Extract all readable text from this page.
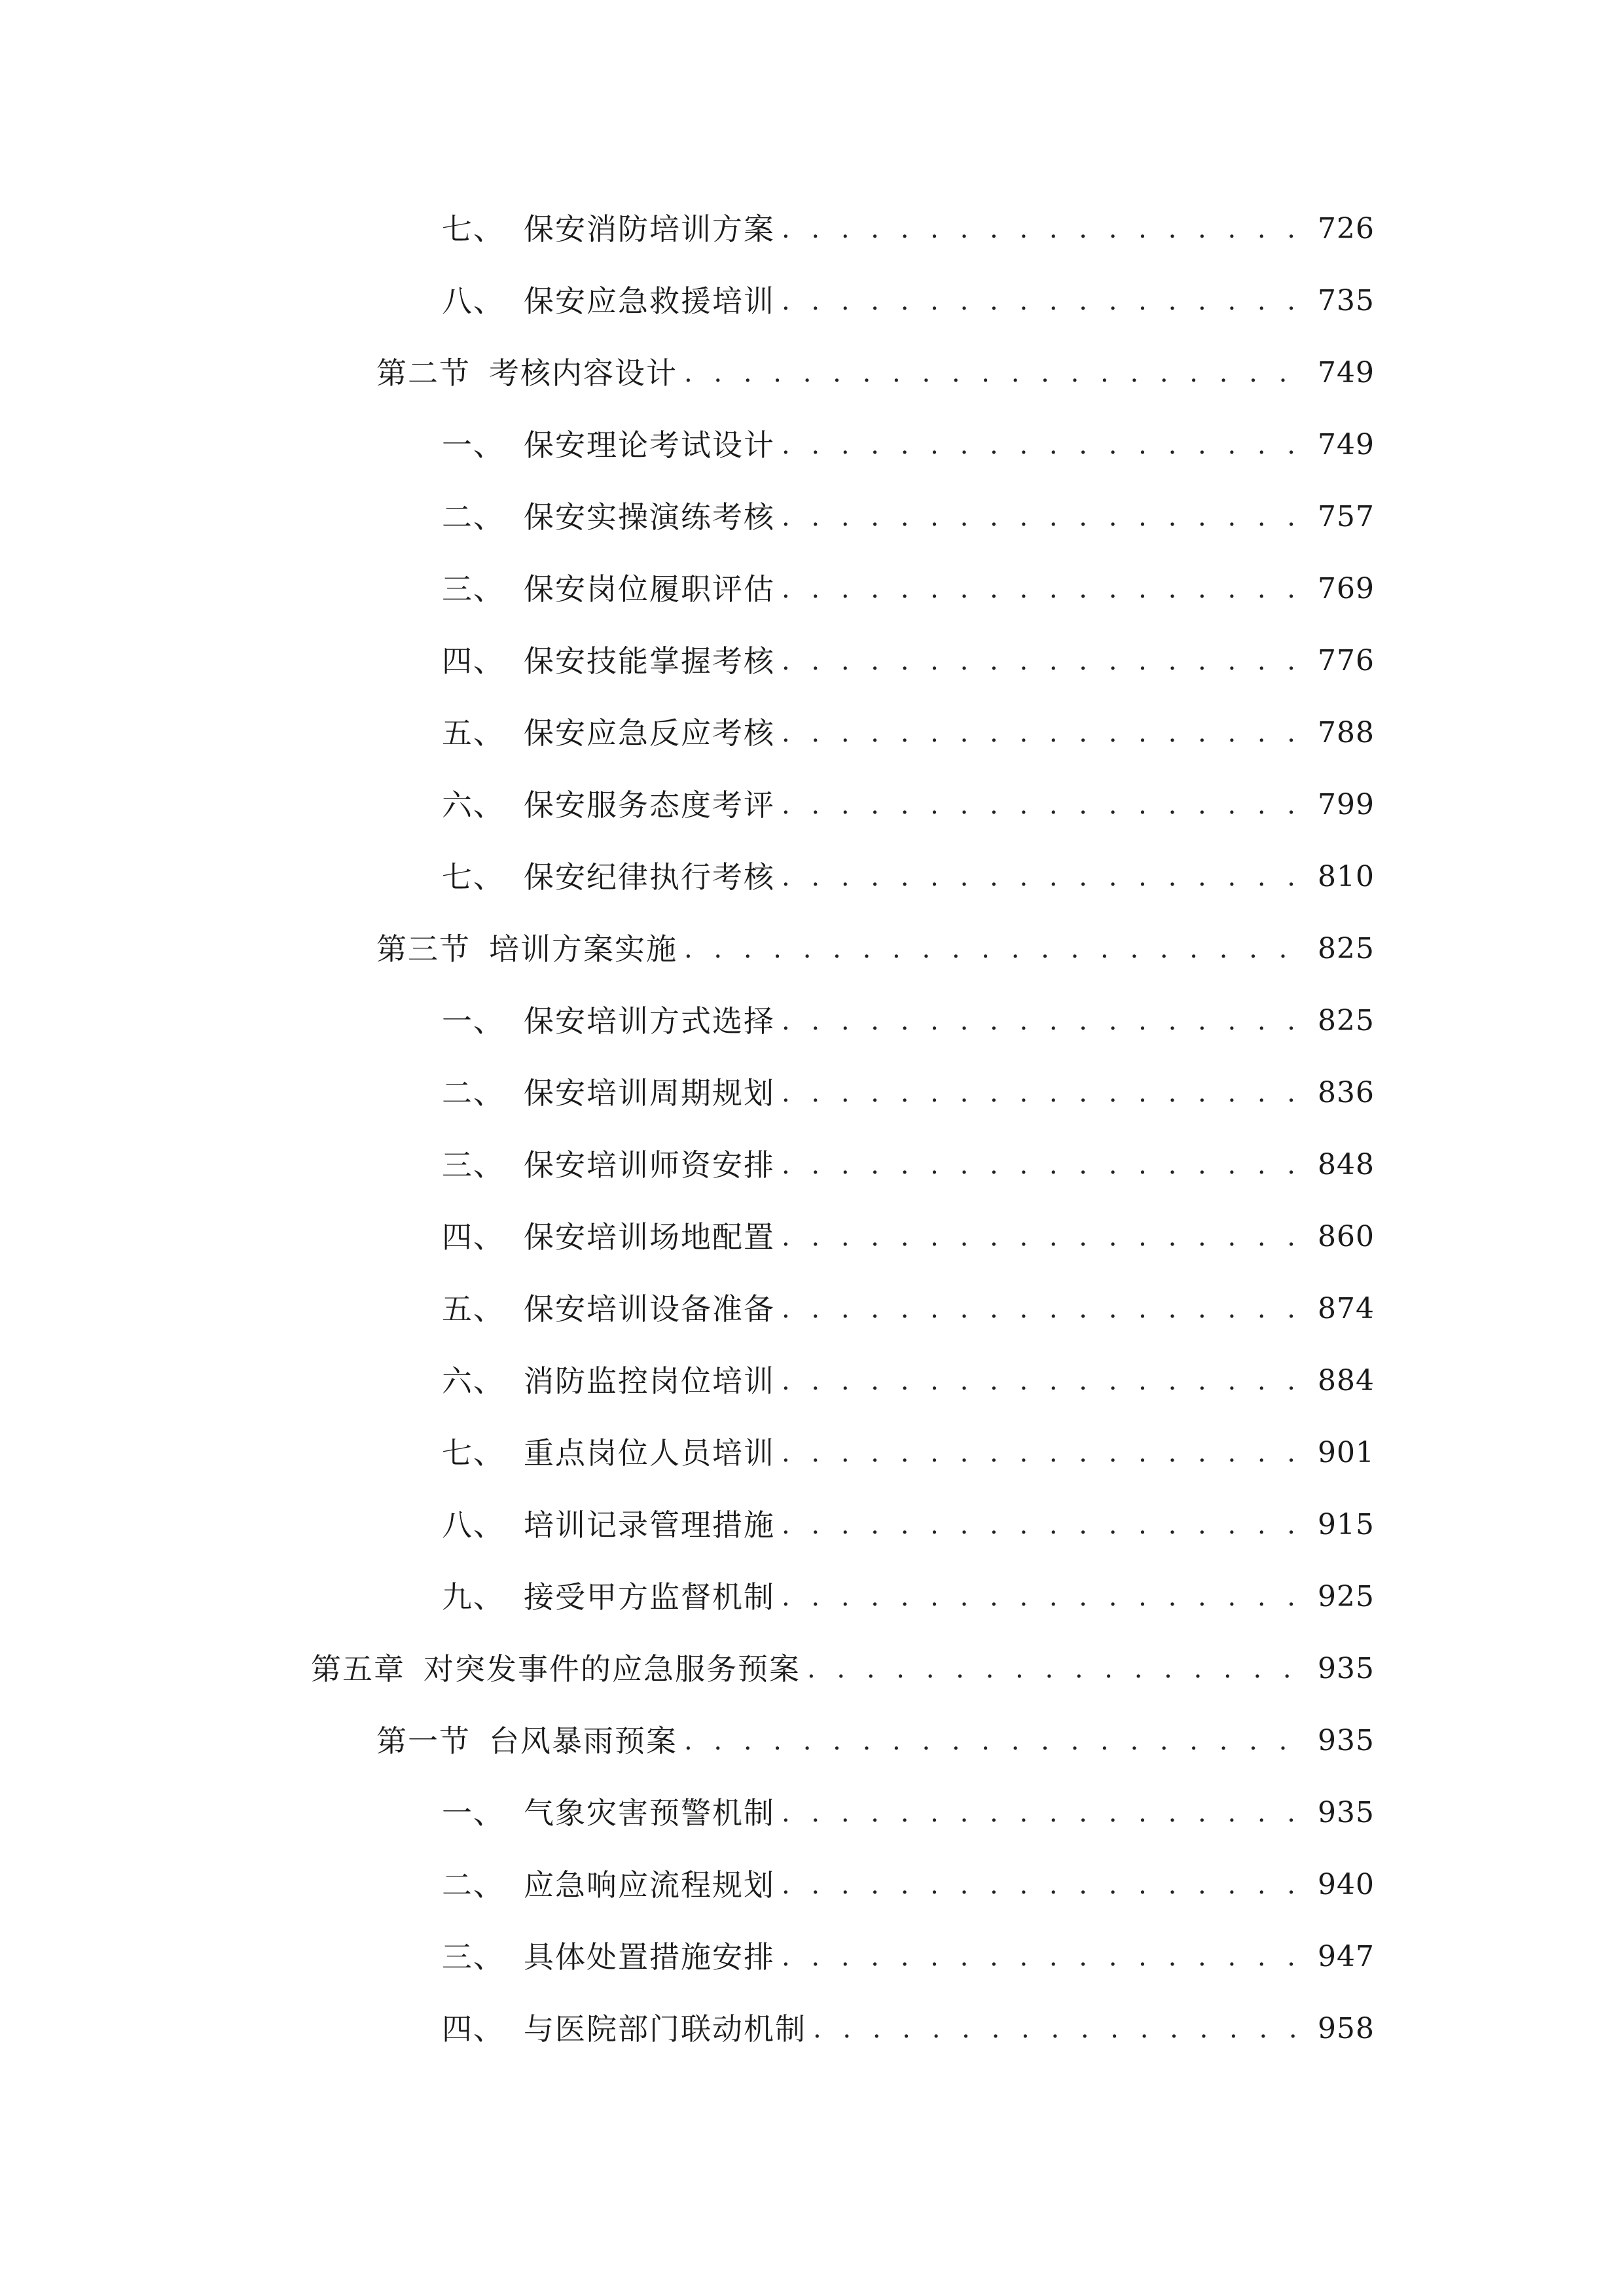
七、 保安消防培训方案 . . .	726
八、 保安应急救援培训 . . .	735
第二节 考核内容设计 . . .	749
一、 保安理论考试设计 . . .	749
二、 保安实操演练考核 . . .	757
三、 保安岗位履职评估 . . .	769
四、 保安技能掌握考核 . . .	776
五、 保安应急反应考核 . . .	788
六、 保安服务态度考评 . . .	799
七、 保安纪律执行考核 . . .	810
第三节 培训方案实施 . . .	825
一、 保安培训方式选择 . . .	825
二、 保安培训周期规划 . . .	836
三、 保安培训师资安排 . . .	848
四、 保安培训场地配置 . . .	860
五、 保安培训设备准备 . . .	874
六、 消防监控岗位培训 . . .	884
七、 重点岗位人员培训 . . .	901
八、 培训记录管理措施 . . .	915
九、 接受甲方监督机制 . . .	925
第五章 对突发事件的应急服务预案 . . .	935
第一节 台风暴雨预案 . . .	935
一、 气象灾害预警机制 . . .	935
二、 应急响应流程规划 . . .	940
三、 具体处置措施安排 . . .	947
四、 与医院部门联动机制 . . .	958
